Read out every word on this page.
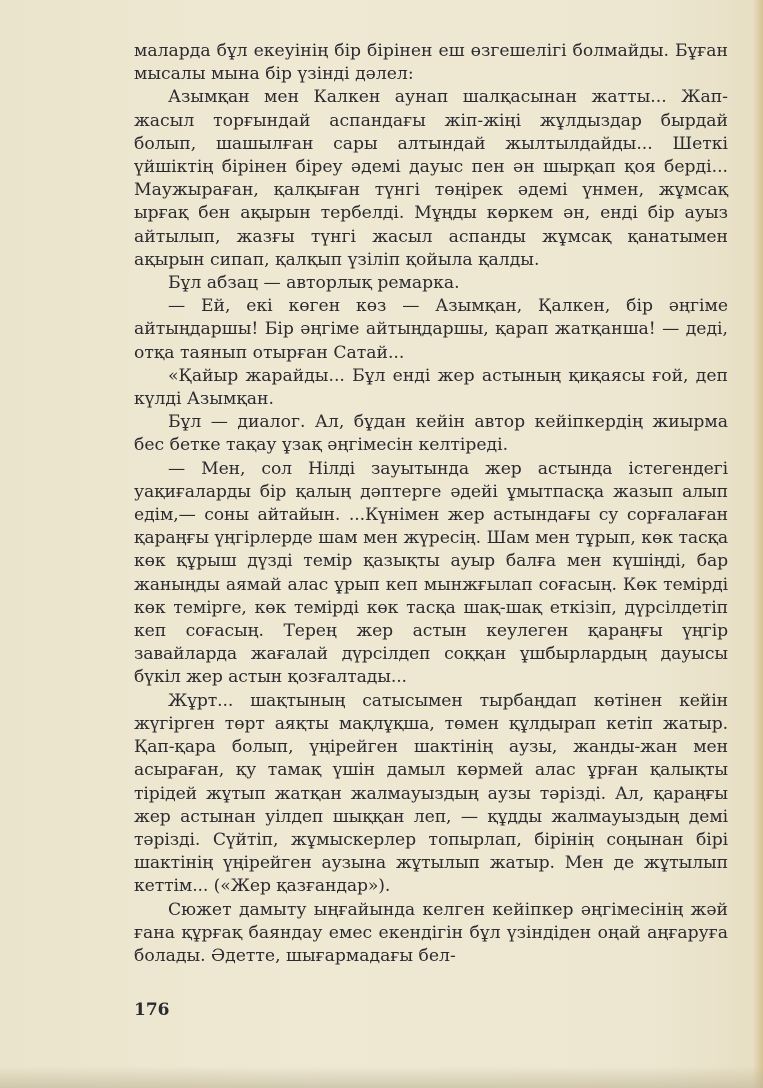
маларда бұл екеуінің бір бірінен еш өзгешелігі болмайды. Бұған мысалы мына бір үзінді дәлел:

Азымқан мен Калкен аунап шалқасынан жатты... Жап-жасыл торғындай аспандағы жіп-жіңі жұлдыздар бырдай болып, шашылған сары алтындай жылтылдайды... Шеткі үйшіктің бірінен біреу әдемі дауыс пен ән шырқап қоя берді... Маужыраған, қалқыған түнгі төңірек әдемі үнмен, жұмсақ ырғақ бен ақырын тербелді. Мұңды көркем ән, енді бір ауыз айтылып, жазғы түнгі жасыл аспанды жұмсақ қанатымен ақырын сипап, қалқып үзіліп қойыла қалды.

Бұл абзац — авторлық ремарка.

— Ей, екі көген көз — Азымқан, Қалкен, бір әңгіме айтыңдаршы! Бір әңгіме айтыңдаршы, қарап жатқанша! — деді, отқа таянып отырған Сатай...

«Қайыр жарайды... Бұл енді жер астының қиқаясы ғой, деп күлді Азымқан.

Бұл — диалог. Ал, бұдан кейін автор кейіпкердің жиырма бес бетке тақау ұзақ әңгімесін келтіреді.

— Мен, сол Нілді зауытында жер астында істегендегі уақиғаларды бір қалың дәптерге әдейі ұмытпасқа жазып алып едім,— соны айтайын. ...Күнімен жер астындағы су сорғалаған қараңғы үңгірлерде шам мен жүресің. Шам мен тұрып, көк тасқа көк құрыш дүзді темір қазықты ауыр балға мен күшіңді, бар жаныңды аямай алас ұрып кеп мынжғылап соғасың. Көк темірді көк темірге, көк темірді көк тасқа шақ-шақ еткізіп, дүрсілдетіп кеп соғасың. Терең жер астын кеулеген қараңғы үңгір завайларда жағалай дүрсілдеп соққан ұшбырлардың дауысы бүкіл жер астын қозғалтады...

Жұрт... шақтының сатысымен тырбаңдап көтінен кейін жүгірген төрт аяқты мақлұқша, төмен құлдырап кетіп жатыр. Қап-қара болып, үңірейген шактінің аузы, жанды-жан мен асыраған, қу тамақ үшін дамыл көрмей алас ұрған қалықты тірідей жұтып жатқан жалмауыздың аузы тәрізді. Ал, қараңғы жер астынан уілдеп шыққан леп, — құдды жалмауыздың демі тәрізді. Сүйтіп, жұмыскерлер топырлап, бірінің соңынан бірі шактінің үңірейген аузына жұтылып жатыр. Мен де жұтылып кеттім... («Жер қазғандар»).

Сюжет дамыту ыңғайында келген кейіпкер әңгімесінің жәй ғана құрғақ баяндау емес екендігін бұл үзіндіден оңай аңғаруға болады. Әдетте, шығармадағы бел-

176
